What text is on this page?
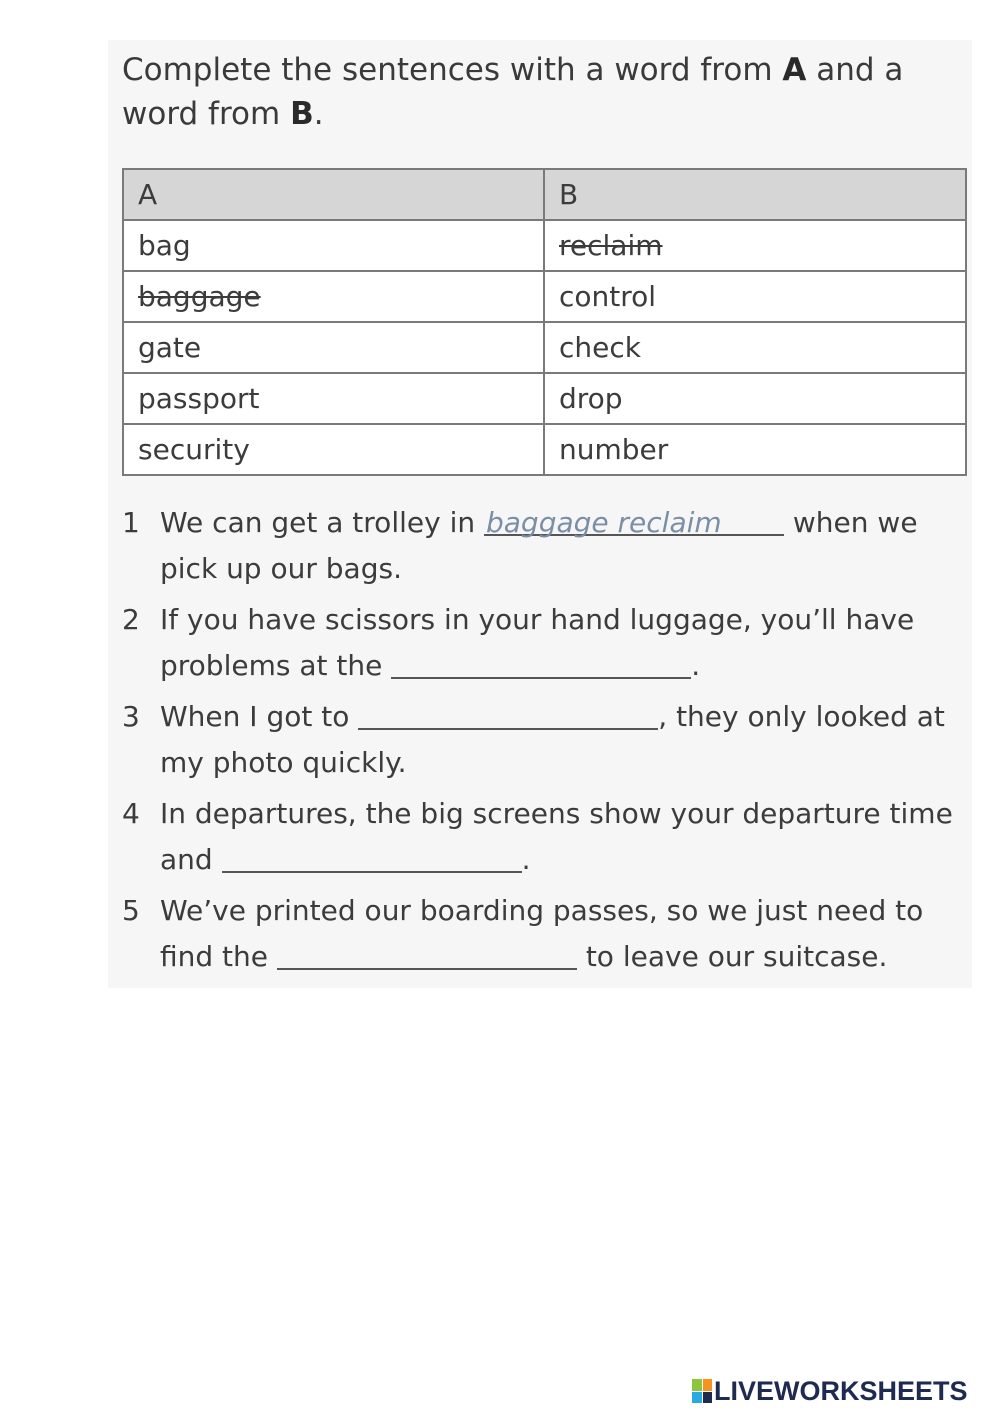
Complete the sentences with a word from A and a word from B.
A	B
bag	reclaim
baggage	control
gate	check
passport	drop
security	number
1 We can get a trolley in baggage reclaim when we pick up our bags.
2 If you have scissors in your hand luggage, you’ll have problems at the	.
3 When I got to	, they only looked at my photo quickly.
4 In departures, the big screens show your departure time and	.
5 We’ve printed our boarding passes, so we just need to find the	to leave our suitcase.
LIVEWORKSHEETS
